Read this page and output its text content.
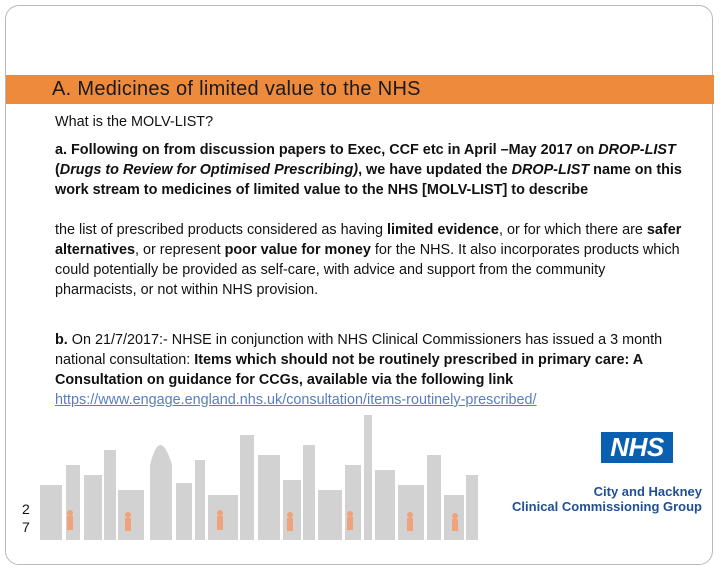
A. Medicines of limited value to the NHS
What is the MOLV-LIST?
a. Following on from discussion papers to Exec, CCF etc in April –May 2017 on DROP-LIST (Drugs to Review for Optimised Prescribing), we have updated the DROP-LIST name on this work stream to medicines of limited value to the NHS [MOLV-LIST] to describe
the list of prescribed products considered as having limited evidence, or for which there are safer alternatives, or represent poor value for money for the NHS. It also incorporates products which could potentially be provided as self-care, with advice and support from the community pharmacists, or not within NHS provision.
b. On 21/7/2017:- NHSE in conjunction with NHS Clinical Commissioners has issued a 3 month national consultation: Items which should not be routinely prescribed in primary care: A Consultation on guidance for CCGs, available via the following link https://www.engage.england.nhs.uk/consultation/items-routinely-prescribed/
NHS
City and Hackney
Clinical Commissioning Group
2 7
